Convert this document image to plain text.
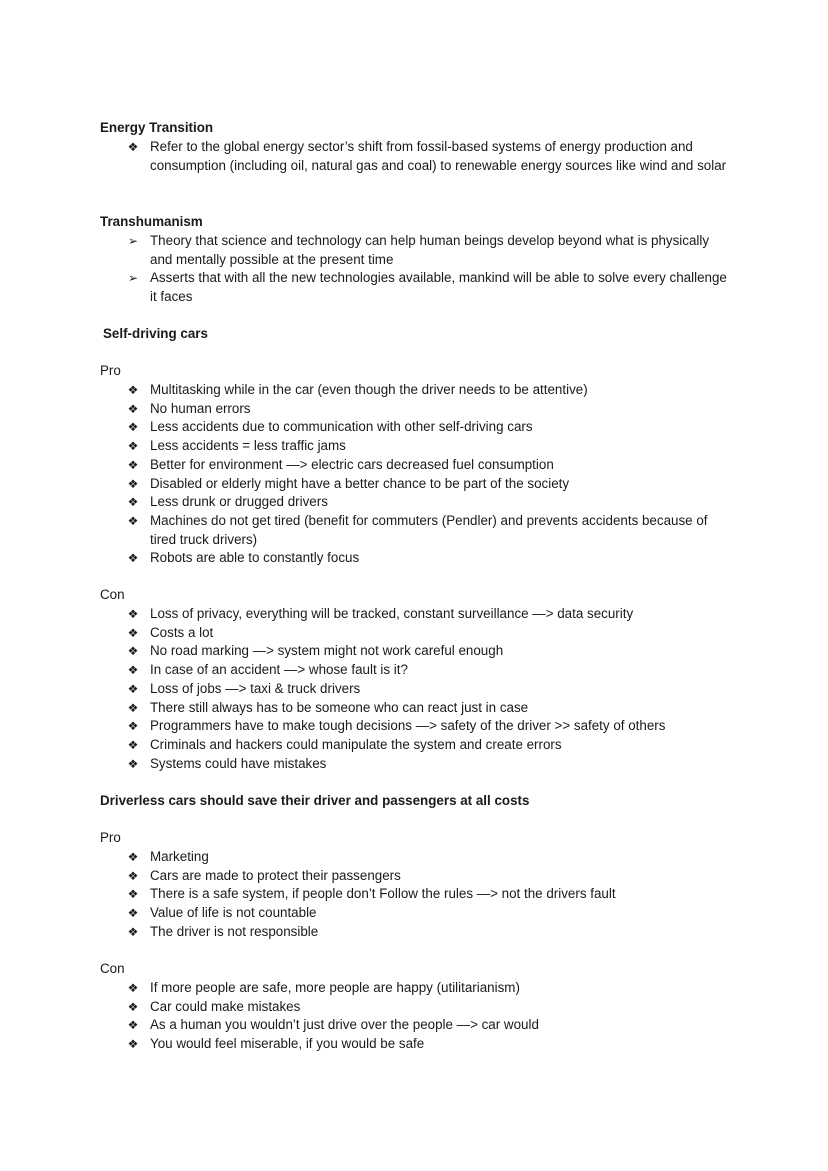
Energy Transition

❖ Refer to the global energy sector’s shift from fossil-based systems of energy production and consumption (including oil, natural gas and coal) to renewable energy sources like wind and solar

Transhumanism

➢ Theory that science and technology can help human beings develop beyond what is physically and mentally possible at the present time
➢ Asserts that with all the new technologies available, mankind will be able to solve every challenge it faces

Self-driving cars

Pro

❖ Multitasking while in the car (even though the driver needs to be attentive)
❖ No human errors
❖ Less accidents due to communication with other self-driving cars
❖ Less accidents = less traffic jams
❖ Better for environment —> electric cars decreased fuel consumption
❖ Disabled or elderly might have a better chance to be part of the society
❖ Less drunk or drugged drivers
❖ Machines do not get tired (benefit for commuters (Pendler) and prevents accidents because of tired truck drivers)
❖ Robots are able to constantly focus

Con

❖ Loss of privacy, everything will be tracked, constant surveillance —> data security
❖ Costs a lot
❖ No road marking —> system might not work careful enough
❖ In case of an accident —> whose fault is it?
❖ Loss of jobs —> taxi & truck drivers
❖ There still always has to be someone who can react just in case
❖ Programmers have to make tough decisions —> safety of the driver >> safety of others
❖ Criminals and hackers could manipulate the system and create errors
❖ Systems could have mistakes

Driverless cars should save their driver and passengers at all costs

Pro

❖ Marketing
❖ Cars are made to protect their passengers
❖ There is a safe system, if people don’t Follow the rules —> not the drivers fault
❖ Value of life is not countable
❖ The driver is not responsible

Con

❖ If more people are safe, more people are happy (utilitarianism)
❖ Car could make mistakes
❖ As a human you wouldn’t just drive over the people —> car would
❖ You would feel miserable, if you would be safe
